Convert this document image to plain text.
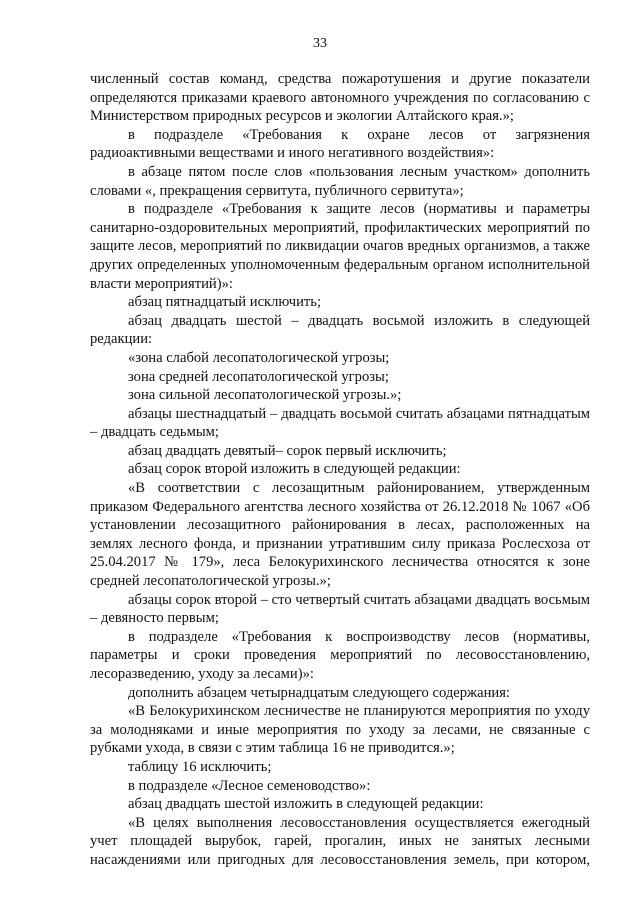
33

численный состав команд, средства пожаротушения и другие показатели определяются приказами краевого автономного учреждения по согласованию с Министерством природных ресурсов и экологии Алтайского края.»;

в подразделе «Требования к охране лесов от загрязнения радиоактивными веществами и иного негативного воздействия»:

в абзаце пятом после слов «пользования лесным участком» дополнить словами «, прекращения сервитута, публичного сервитута»;

в подразделе «Требования к защите лесов (нормативы и параметры санитарно-оздоровительных мероприятий, профилактических мероприятий по защите лесов, мероприятий по ликвидации очагов вредных организмов, а также других определенных уполномоченным федеральным органом исполнительной власти мероприятий)»:

абзац пятнадцатый исключить;

абзац двадцать шестой – двадцать восьмой изложить в следующей редакции:

«зона слабой лесопатологической угрозы;

зона средней лесопатологической угрозы;

зона сильной лесопатологической угрозы.»;

абзацы шестнадцатый – двадцать восьмой считать абзацами пятнадцатым – двадцать седьмым;

абзац двадцать девятый– сорок первый исключить;

абзац сорок второй изложить в следующей редакции:

«В соответствии с лесозащитным районированием, утвержденным приказом Федерального агентства лесного хозяйства от 26.12.2018 № 1067 «Об установлении лесозащитного районирования в лесах, расположенных на землях лесного фонда, и признании утратившим силу приказа Рослесхоза от 25.04.2017 № 179», леса Белокурихинского лесничества относятся к зоне средней лесопатологической угрозы.»;

абзацы сорок второй – сто четвертый считать абзацами двадцать восьмым – девяносто первым;

в подразделе «Требования к воспроизводству лесов (нормативы, параметры и сроки проведения мероприятий по лесовосстановлению, лесоразведению, уходу за лесами)»:

дополнить абзацем четырнадцатым следующего содержания:

«В Белокурихинском лесничестве не планируются мероприятия по уходу за молодняками и иные мероприятия по уходу за лесами, не связанные с рубками ухода, в связи с этим таблица 16 не приводится.»;

таблицу 16 исключить;

в подразделе «Лесное семеноводство»:

абзац двадцать шестой изложить в следующей редакции:

«В целях выполнения лесовосстановления осуществляется ежегодный учет площадей вырубок, гарей, прогалин, иных не занятых лесными насаждениями или пригодных для лесовосстановления земель, при котором,
